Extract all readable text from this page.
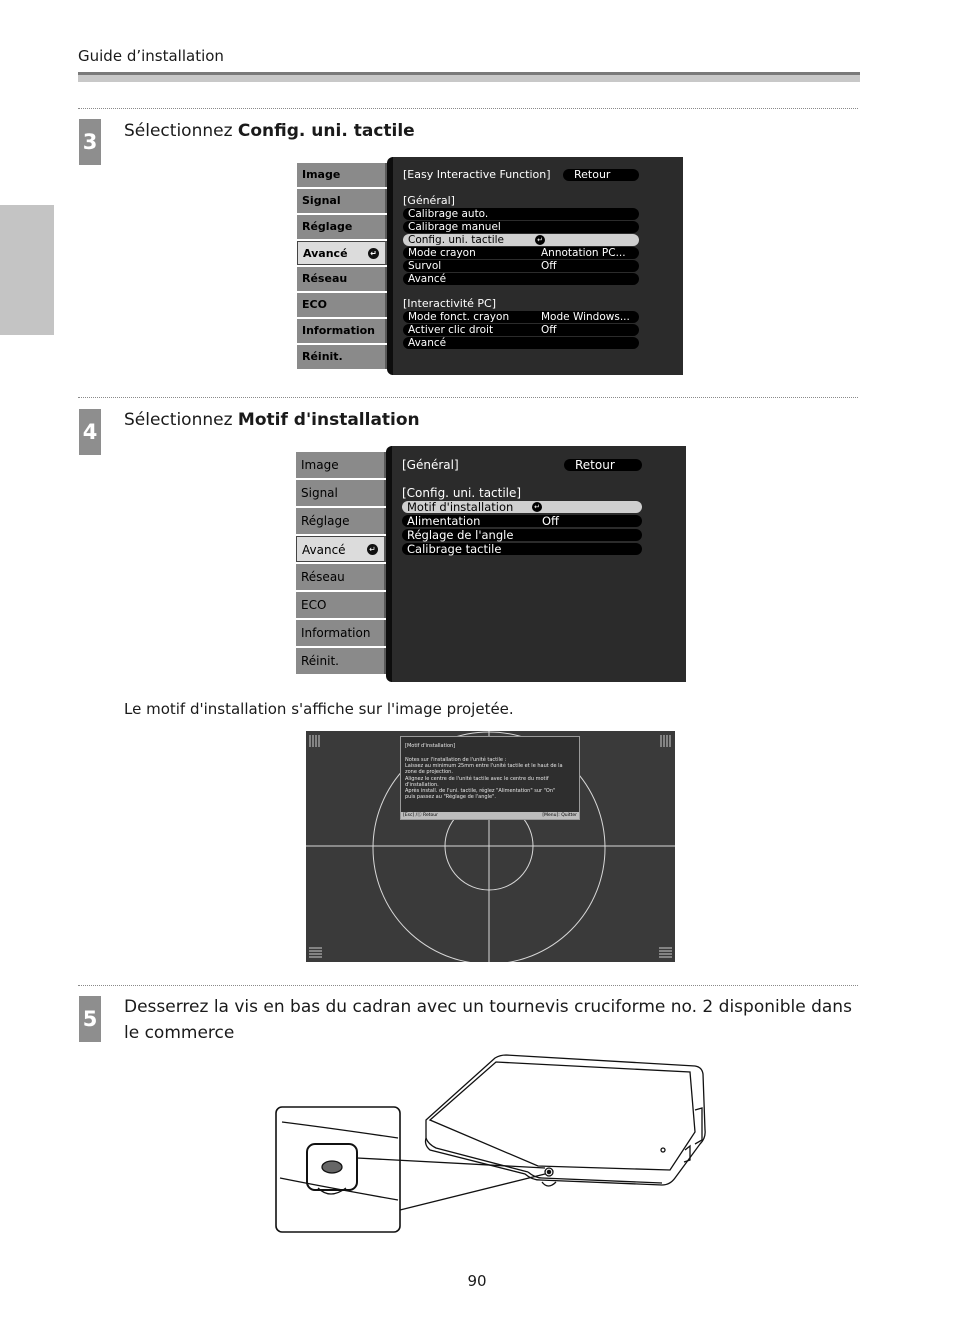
Guide d’installation
3 Sélectionnez Config. uni. tactile
Image
Signal
Réglage
Avancé	↵
Réseau
ECO
Information
Réinit.
[Easy Interactive Function] Retour
[Général]
Calibrage auto.
Calibrage manuel
Config. uni. tactile	↵
Mode crayon	Annotation PC...
Survol	Off
Avancé
[Interactivité PC]
Mode fonct. crayon	Mode Windows...
Activer clic droit	Off
Avancé
4 Sélectionnez Motif d'installation
Image
Signal
Réglage
Avancé	↵
Réseau
ECO
Information
Réinit.
[Général]	Retour
[Config. uni. tactile]
Motif d'installation	↵
Alimentation	Off
Réglage de l'angle
Calibrage tactile
Le motif d'installation s'affiche sur l'image projetée.
[Motif d'installation]
Notes sur l'installation de l'unité tactile :
Laissez au minimum 25mm entre l'unité tactile et le haut de la
zone de projection.
Alignez le centre de l'unité tactile avec le centre du motif
d'installation.
Après install. de l'uni. tactile, réglez "Alimentation" sur "On"
puis passez au "Réglage de l'angle".
[Esc] /Ⓛ Retour	[Menu]: Quitter
5 Desserrez la vis en bas du cadran avec un tournevis cruciforme no. 2 disponible dans le commerce
90
